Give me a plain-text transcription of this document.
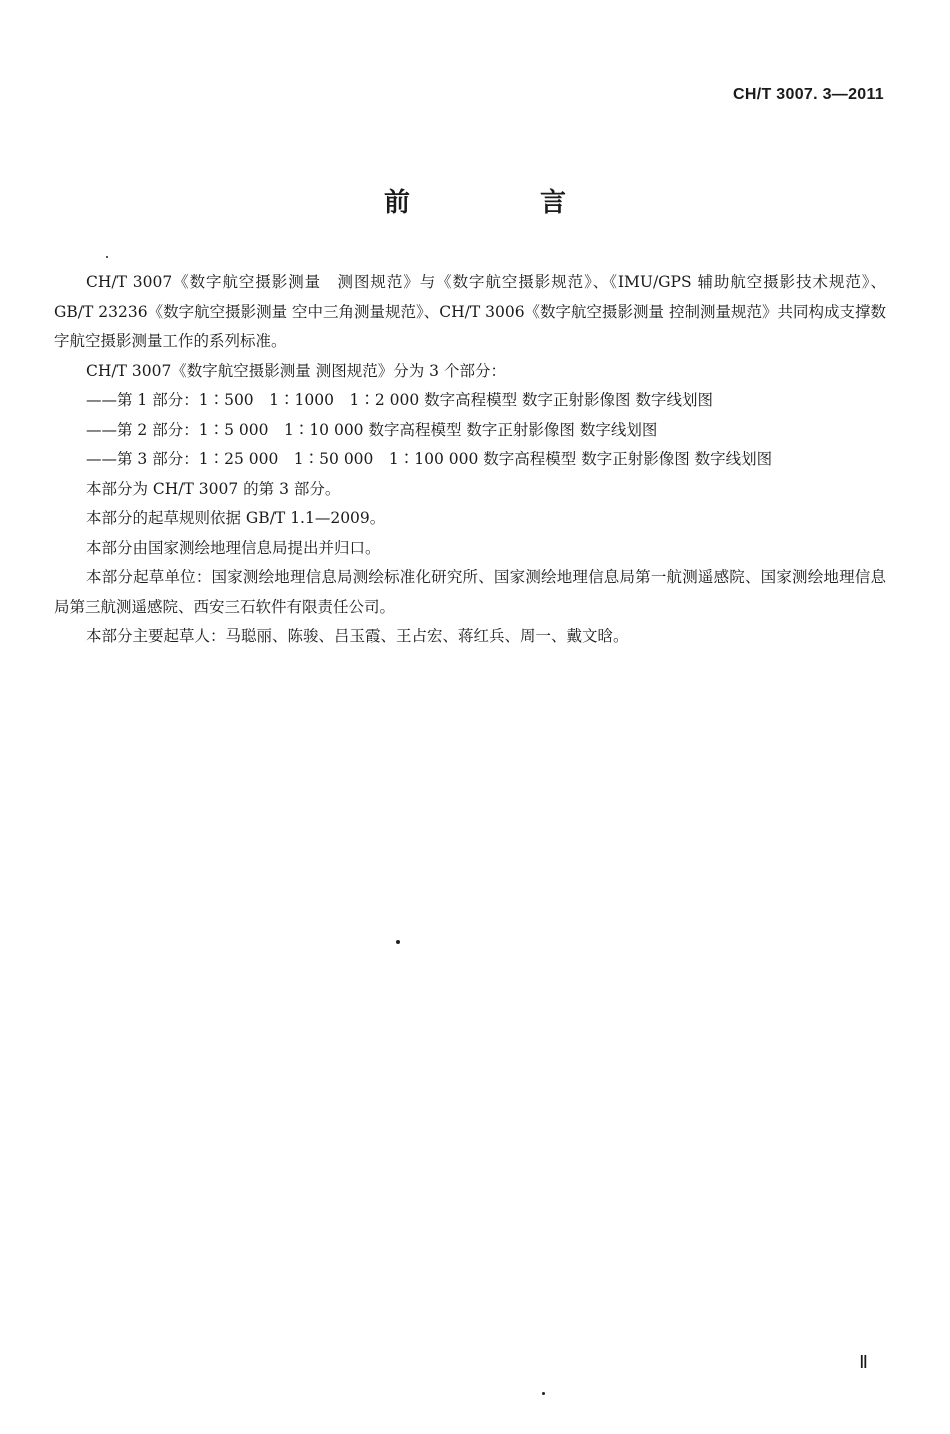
CH/T 3007. 3—2011
前　言

CH/T 3007《数字航空摄影测量　测图规范》与《数字航空摄影规范》、《IMU/GPS 辅助航空摄影技术规范》、GB/T 23236《数字航空摄影测量 空中三角测量规范》、CH/T 3006《数字航空摄影测量 控制测量规范》共同构成支撑数字航空摄影测量工作的系列标准。

CH/T 3007《数字航空摄影测量 测图规范》分为 3 个部分：

——第 1 部分：1∶500　1∶1000　1∶2 000 数字高程模型 数字正射影像图 数字线划图

——第 2 部分：1∶5 000　1∶10 000 数字高程模型 数字正射影像图 数字线划图

——第 3 部分：1∶25 000　1∶50 000　1∶100 000 数字高程模型 数字正射影像图 数字线划图

本部分为 CH/T 3007 的第 3 部分。

本部分的起草规则依据 GB/T 1.1—2009。

本部分由国家测绘地理信息局提出并归口。

本部分起草单位：国家测绘地理信息局测绘标准化研究所、国家测绘地理信息局第一航测遥感院、国家测绘地理信息局第三航测遥感院、西安三石软件有限责任公司。

本部分主要起草人：马聪丽、陈骏、吕玉霞、王占宏、蒋红兵、周一、戴文晗。

Ⅱ
